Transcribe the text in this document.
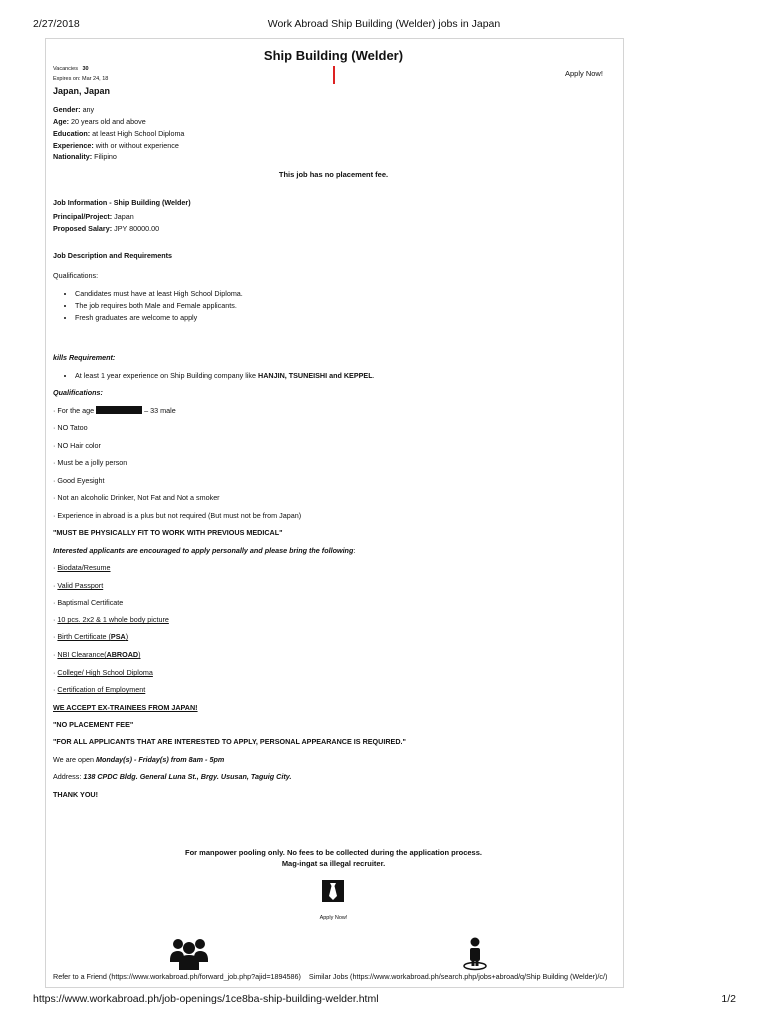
2/27/2018	Work Abroad Ship Building (Welder) jobs in Japan
Ship Building (Welder)
Apply Now!
Vacancies 30
Expires on: Mar 24, 18
Japan, Japan
Gender: any
Age: 20 years old and above
Education: at least High School Diploma
Experience: with or without experience
Nationality: Filipino
This job has no placement fee.
Job Information - Ship Building (Welder)
Principal/Project: Japan
Proposed Salary: JPY 80000.00
Job Description and Requirements
Qualifications:
• Candidates must have at least High School Diploma.
• The job requires both Male and Female applicants.
• Fresh graduates are welcome to apply
kills Requirement:
• At least 1 year experience on Ship Building company like HANJIN, TSUNEISHI and KEPPEL.
Qualifications:
· For the age	– 33 male
· NO Tatoo
· NO Hair color
· Must be a jolly person
· Good Eyesight
· Not an alcoholic Drinker, Not Fat and Not a smoker
· Experience in abroad is a plus but not required (But must not be from Japan)
"MUST BE PHYSICALLY FIT TO WORK WITH PREVIOUS MEDICAL"
Interested applicants are encouraged to apply personally and please bring the following:
· Biodata/Resume
· Valid Passport
· Baptismal Certificate
· 10 pcs. 2x2 & 1 whole body picture
· Birth Certificate (PSA)
· NBI Clearance(ABROAD)
· College/ High School Diploma
· Certification of Employment
WE ACCEPT EX-TRAINEES FROM JAPAN!
"NO PLACEMENT FEE"
"FOR ALL APPLICANTS THAT ARE INTERESTED TO APPLY, PERSONAL APPEARANCE IS REQUIRED."
We are open Monday(s) - Friday(s) from 8am - 5pm
Address: 138 CPDC Bldg. General Luna St., Brgy. Ususan, Taguig City.
THANK YOU!
For manpower pooling only. No fees to be collected during the application process.
Mag-ingat sa illegal recruiter.
Apply Now!
Refer to a Friend (https://www.workabroad.ph/forward_job.php?ajid=1894586) Similar Jobs (https://www.workabroad.ph/search.php/jobs+abroad/q/Ship Building (Welder)/c/)
https://www.workabroad.ph/job-openings/1ce8ba-ship-building-welder.html	1/2
